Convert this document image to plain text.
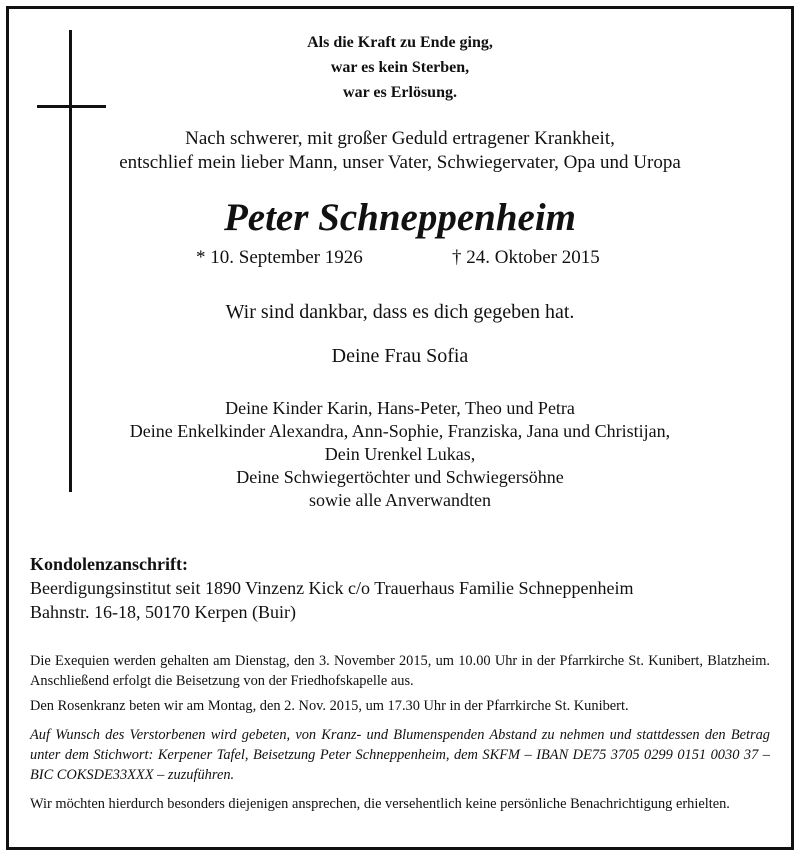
Als die Kraft zu Ende ging,
war es kein Sterben,
war es Erlösung.
Nach schwerer, mit großer Geduld ertragener Krankheit,
entschlief mein lieber Mann, unser Vater, Schwiegervater, Opa und Uropa
Peter Schneppenheim
* 10. September 1926	† 24. Oktober 2015
Wir sind dankbar, dass es dich gegeben hat.
Deine Frau Sofia
Deine Kinder Karin, Hans-Peter, Theo und Petra
Deine Enkelkinder Alexandra, Ann-Sophie, Franziska, Jana und Christijan,
Dein Urenkel Lukas,
Deine Schwiegertöchter und Schwiegersöhne
sowie alle Anverwandten
Kondolenzanschrift:
Beerdigungsinstitut seit 1890 Vinzenz Kick c/o Trauerhaus Familie Schneppenheim
Bahnstr. 16-18, 50170 Kerpen (Buir)
Die Exequien werden gehalten am Dienstag, den 3. November 2015, um 10.00 Uhr in der Pfarrkirche St. Kunibert, Blatzheim. Anschließend erfolgt die Beisetzung von der Friedhofskapelle aus.
Den Rosenkranz beten wir am Montag, den 2. Nov. 2015, um 17.30 Uhr in der Pfarrkirche St. Kunibert.
Auf Wunsch des Verstorbenen wird gebeten, von Kranz- und Blumenspenden Abstand zu nehmen und stattdessen den Betrag unter dem Stichwort: Kerpener Tafel, Beisetzung Peter Schneppenheim, dem SKFM – IBAN DE75 3705 0299 0151 0030 37 – BIC COKSDE33XXX – zuzuführen.
Wir möchten hierdurch besonders diejenigen ansprechen, die versehentlich keine persönliche Benachrichtigung erhielten.
